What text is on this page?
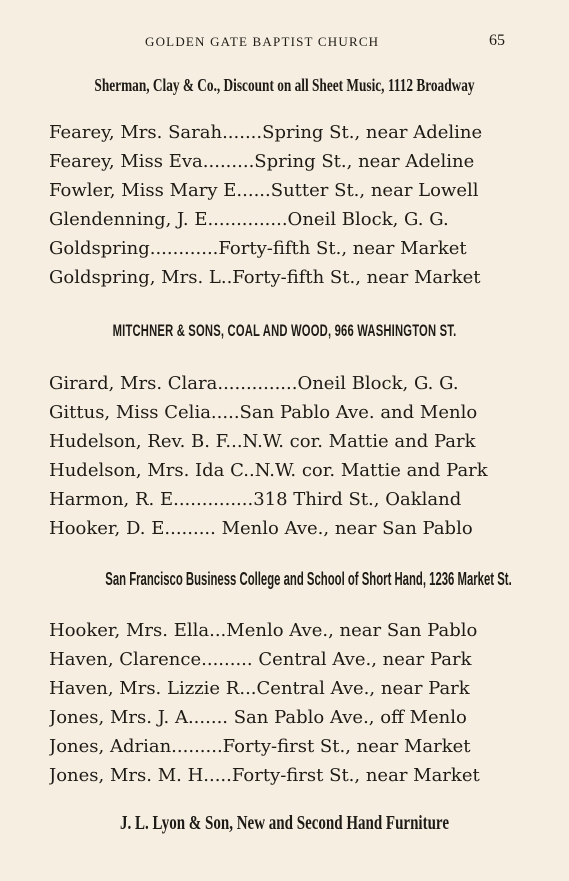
GOLDEN GATE BAPTIST CHURCH	65
Sherman, Clay & Co., Discount on all Sheet Music, 1112 Broadway
Fearey, Mrs. Sarah.......Spring St., near Adeline
Fearey, Miss Eva.........Spring St., near Adeline
Fowler, Miss Mary E......Sutter St., near Lowell
Glendenning, J. E..............Oneil Block, G. G.
Goldspring............Forty-fifth St., near Market
Goldspring, Mrs. L..Forty-fifth St., near Market
MITCHNER & SONS, COAL AND WOOD, 966 WASHINGTON ST.
Girard, Mrs. Clara..............Oneil Block, G. G.
Gittus, Miss Celia.....San Pablo Ave. and Menlo
Hudelson, Rev. B. F...N.W. cor. Mattie and Park
Hudelson, Mrs. Ida C..N.W. cor. Mattie and Park
Harmon, R. E..............318 Third St., Oakland
Hooker, D. E......... Menlo Ave., near San Pablo
San Francisco Business College and School of Short Hand, 1236 Market St.
Hooker, Mrs. Ella...Menlo Ave., near San Pablo
Haven, Clarence......... Central Ave., near Park
Haven, Mrs. Lizzie R...Central Ave., near Park
Jones, Mrs. J. A....... San Pablo Ave., off Menlo
Jones, Adrian.........Forty-first St., near Market
Jones, Mrs. M. H.....Forty-first St., near Market
J. L. Lyon & Son, New and Second Hand Furniture
